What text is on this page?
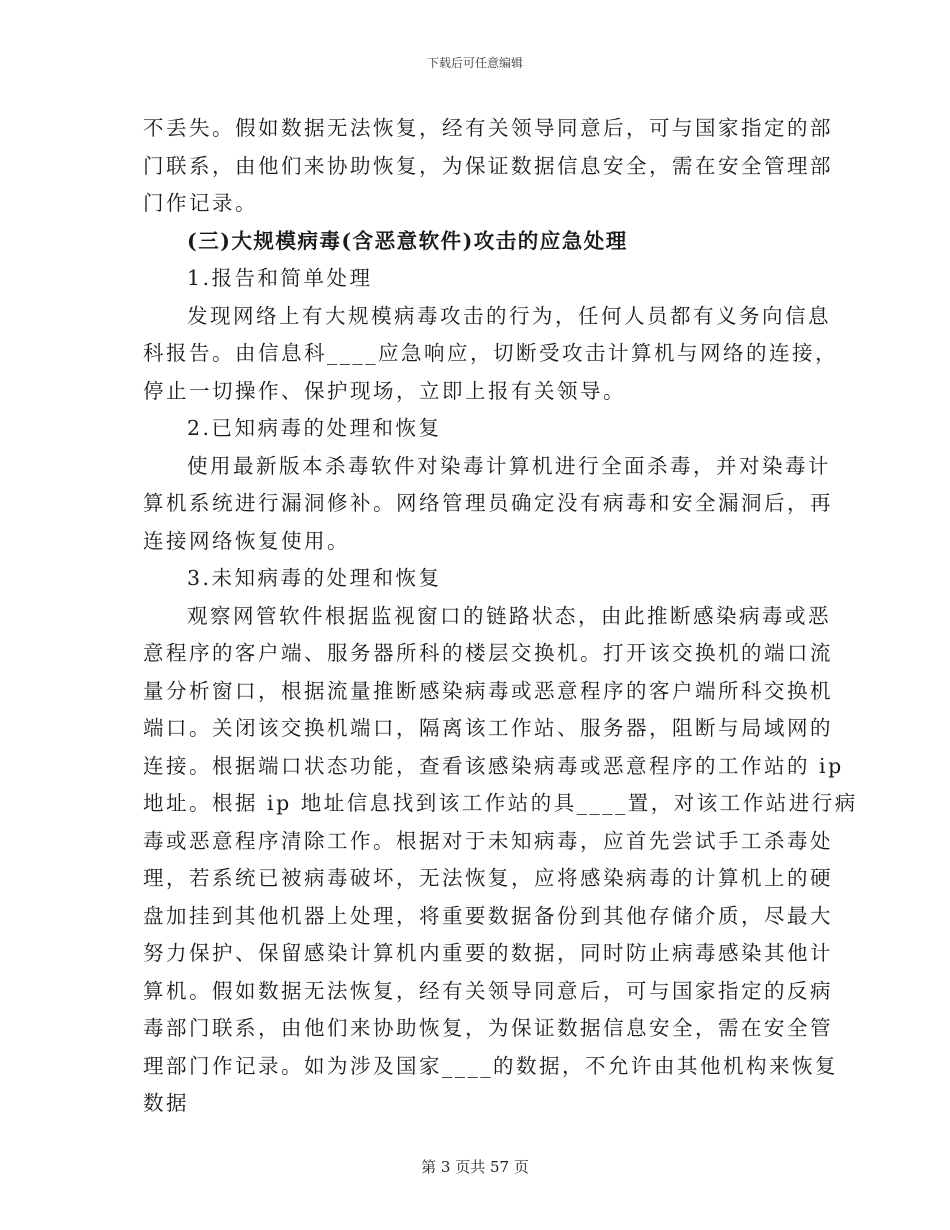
下载后可任意编辑
不丢失。假如数据无法恢复，经有关领导同意后，可与国家指定的部
门联系，由他们来协助恢复，为保证数据信息安全，需在安全管理部
门作记录。
(三)大规模病毒(含恶意软件)攻击的应急处理
1.报告和简单处理
发现网络上有大规模病毒攻击的行为，任何人员都有义务向信息
科报告。由信息科____应急响应，切断受攻击计算机与网络的连接，
停止一切操作、保护现场，立即上报有关领导。
2.已知病毒的处理和恢复
使用最新版本杀毒软件对染毒计算机进行全面杀毒，并对染毒计
算机系统进行漏洞修补。网络管理员确定没有病毒和安全漏洞后，再
连接网络恢复使用。
3.未知病毒的处理和恢复
观察网管软件根据监视窗口的链路状态，由此推断感染病毒或恶
意程序的客户端、服务器所科的楼层交换机。打开该交换机的端口流
量分析窗口，根据流量推断感染病毒或恶意程序的客户端所科交换机
端口。关闭该交换机端口，隔离该工作站、服务器，阻断与局域网的
连接。根据端口状态功能，查看该感染病毒或恶意程序的工作站的 ip
地址。根据 ip 地址信息找到该工作站的具____置，对该工作站进行病
毒或恶意程序清除工作。根据对于未知病毒，应首先尝试手工杀毒处
理，若系统已被病毒破坏，无法恢复，应将感染病毒的计算机上的硬
盘加挂到其他机器上处理，将重要数据备份到其他存储介质，尽最大
努力保护、保留感染计算机内重要的数据，同时防止病毒感染其他计
算机。假如数据无法恢复，经有关领导同意后，可与国家指定的反病
毒部门联系，由他们来协助恢复，为保证数据信息安全，需在安全管
理部门作记录。如为涉及国家____的数据，不允许由其他机构来恢复
数据
第 3 页共 57 页
